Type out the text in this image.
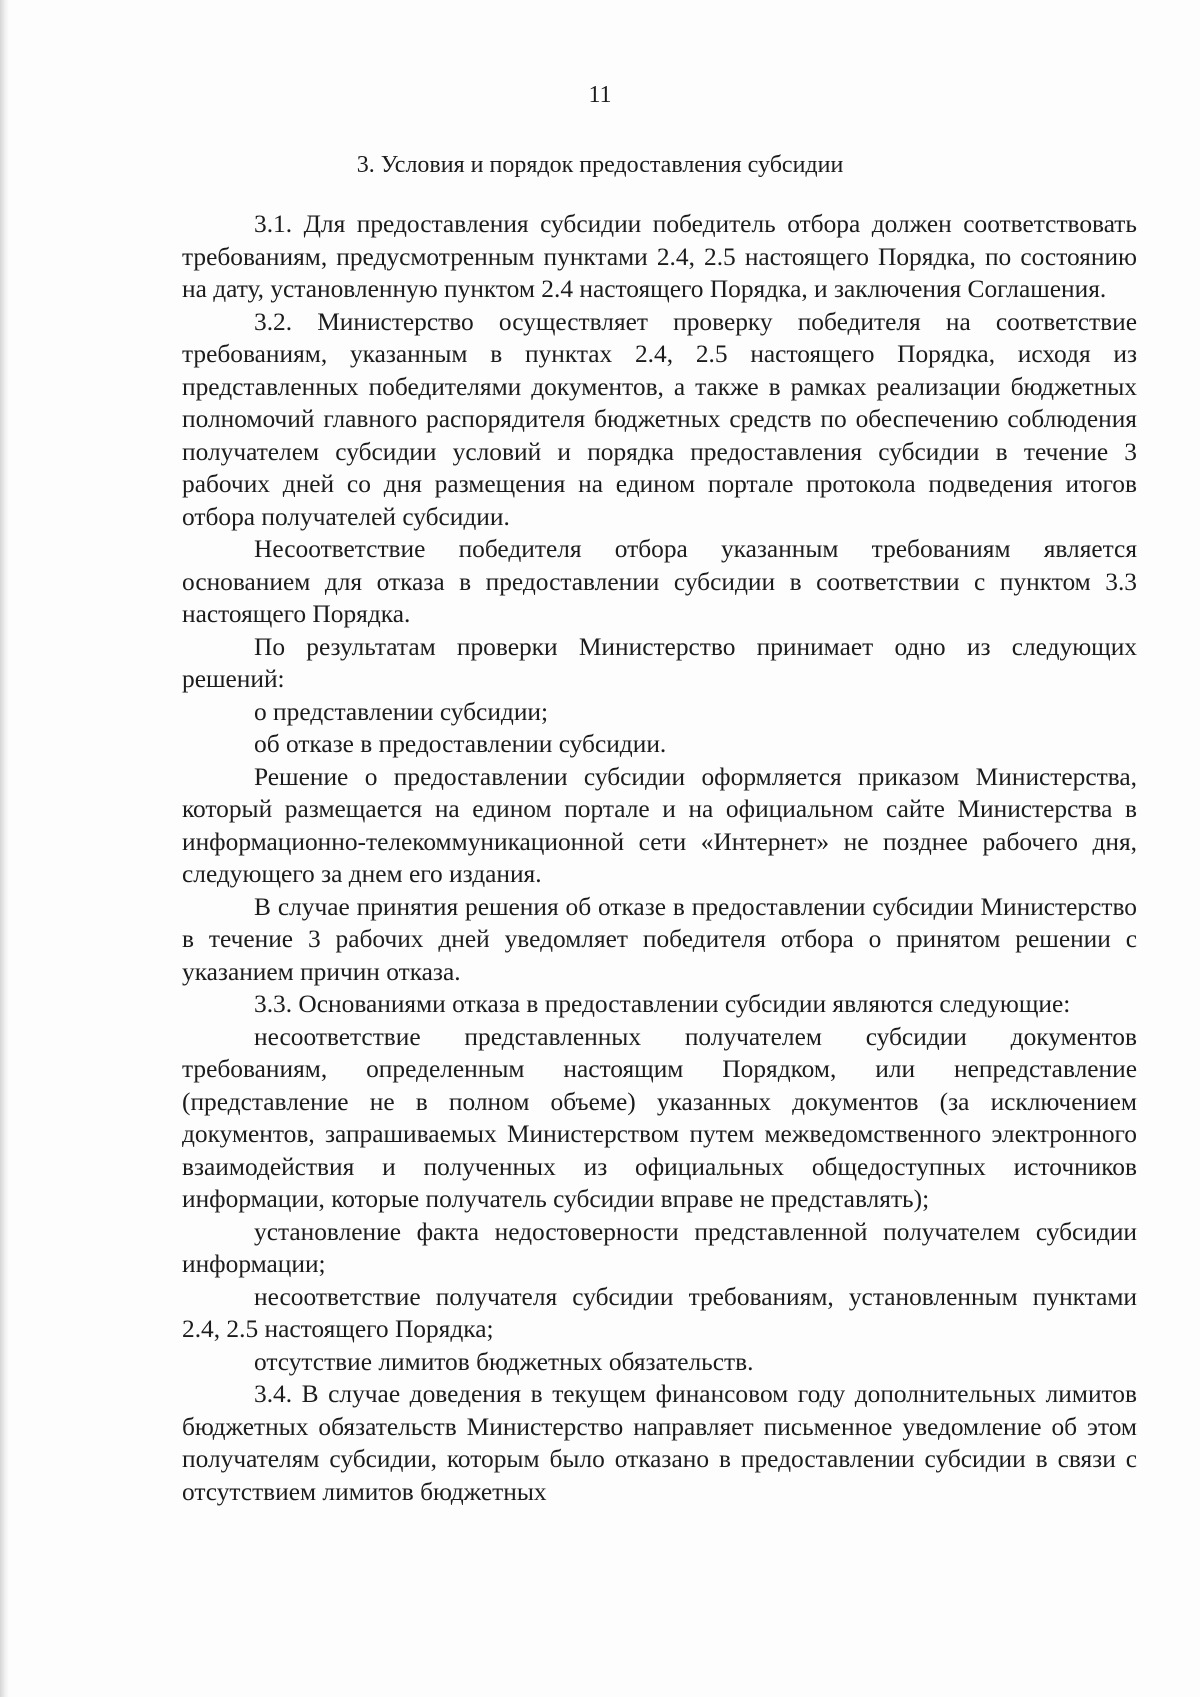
11
3. Условия и порядок предоставления субсидии

3.1. Для предоставления субсидии победитель отбора должен соответствовать требованиям, предусмотренным пунктами 2.4, 2.5 настоящего Порядка, по состоянию на дату, установленную пунктом 2.4 настоящего Порядка, и заключения Соглашения.

3.2. Министерство осуществляет проверку победителя на соответствие требованиям, указанным в пунктах 2.4, 2.5 настоящего Порядка, исходя из представленных победителями документов, а также в рамках реализации бюджетных полномочий главного распорядителя бюджетных средств по обеспечению соблюдения получателем субсидии условий и порядка предоставления субсидии в течение 3 рабочих дней со дня размещения на едином портале протокола подведения итогов отбора получателей субсидии.

Несоответствие победителя отбора указанным требованиям является основанием для отказа в предоставлении субсидии в соответствии с пунктом 3.3 настоящего Порядка.

По результатам проверки Министерство принимает одно из следующих решений:

о представлении субсидии;

об отказе в предоставлении субсидии.

Решение о предоставлении субсидии оформляется приказом Министерства, который размещается на едином портале и на официальном сайте Министерства в информационно-телекоммуникационной сети «Интернет» не позднее рабочего дня, следующего за днем его издания.

В случае принятия решения об отказе в предоставлении субсидии Министерство в течение 3 рабочих дней уведомляет победителя отбора о принятом решении с указанием причин отказа.

3.3. Основаниями отказа в предоставлении субсидии являются следующие:

несоответствие представленных получателем субсидии документов требованиям, определенным настоящим Порядком, или непредставление (представление не в полном объеме) указанных документов (за исключением документов, запрашиваемых Министерством путем межведомственного электронного взаимодействия и полученных из официальных общедоступных источников информации, которые получатель субсидии вправе не представлять);

установление факта недостоверности представленной получателем субсидии информации;

несоответствие получателя субсидии требованиям, установленным пунктами 2.4, 2.5 настоящего Порядка;

отсутствие лимитов бюджетных обязательств.

3.4. В случае доведения в текущем финансовом году дополнительных лимитов бюджетных обязательств Министерство направляет письменное уведомление об этом получателям субсидии, которым было отказано в предоставлении субсидии в связи с отсутствием лимитов бюджетных
